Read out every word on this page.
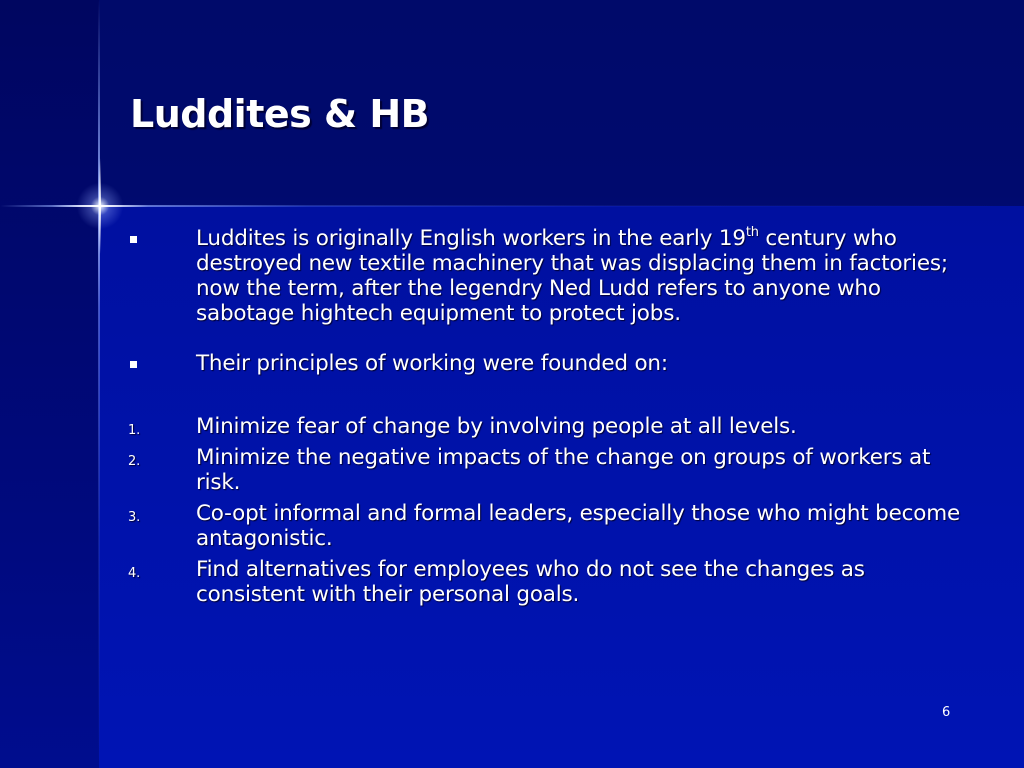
Luddites & HB
Luddites is originally English workers in the early 19th century who destroyed new textile machinery that was displacing them in factories; now the term, after the legendry Ned Ludd refers to anyone who sabotage hightech equipment to protect jobs.
Their principles of working were founded on:
1.	Minimize fear of change by involving people at all levels.
2.	Minimize the negative impacts of the change on groups of workers at risk.
3.	Co-opt informal and formal leaders, especially those who might become antagonistic.
4.	Find alternatives for employees who do not see the changes as consistent with their personal goals.
6
